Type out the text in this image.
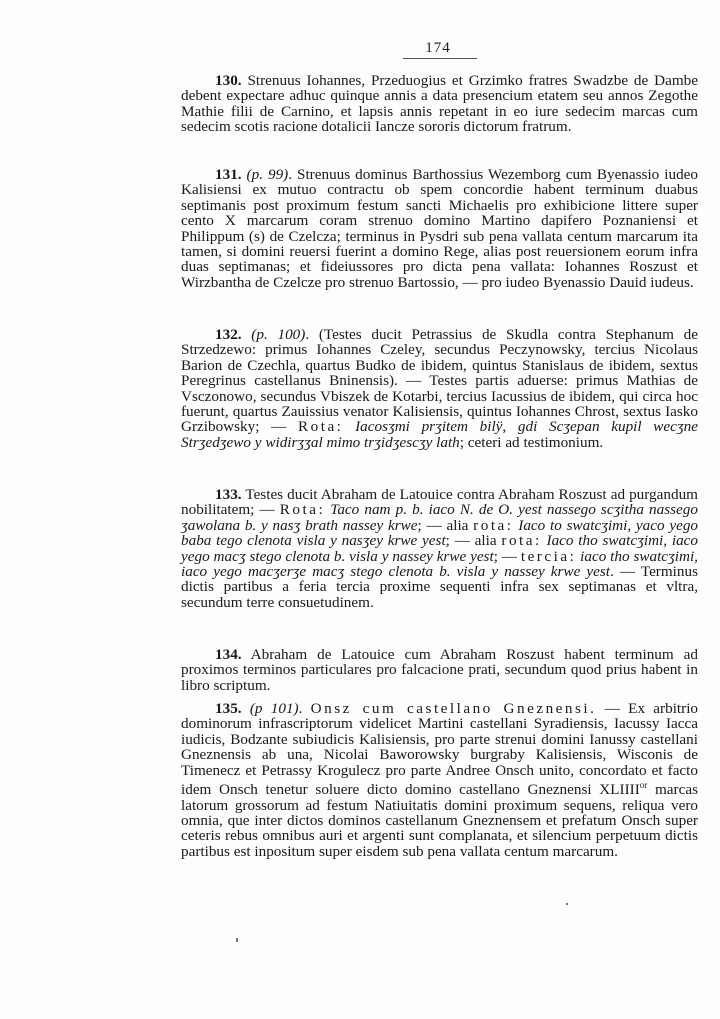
174

130. Strenuus Iohannes, Przeduogius et Grzimko fratres Swadzbe de Dambe debent expectare adhuc quinque annis a data presencium etatem seu annos Zegothe Mathie filii de Carnino, et lapsis annis repetant in eo iure sedecim marcas cum sedecim scotis racione dotalicii Iancze sororis dictorum fratrum.

131. (p. 99). Strenuus dominus Barthossius Wezemborg cum Byenassio iudeo Kalisiensi ex mutuo contractu ob spem concordie habent terminum duabus septimanis post proximum festum sancti Michaelis pro exhibicione littere super cento X marcarum coram strenuo domino Martino dapifero Poznaniensi et Philippum (s) de Czelcza; terminus in Pysdri sub pena vallata centum marcarum ita tamen, si domini reuersi fuerint a domino Rege, alias post reuersionem eorum infra duas septimanas; et fideiussores pro dicta pena vallata: Iohannes Roszust et Wirzbantha de Czelcze pro strenuo Bartossio, — pro iudeo Byenassio Dauid iudeus.

132. (p. 100). (Testes ducit Petrassius de Skudla contra Stephanum de Strzedzewo: primus Iohannes Czeley, secundus Peczynowsky, tercius Nicolaus Barion de Czechla, quartus Budko de ibidem, quintus Stanislaus de ibidem, sextus Peregrinus castellanus Bninensis). — Testes partis aduerse: primus Mathias de Vsczonowo, secundus Vbiszek de Kotarbi, tercius Iacussius de ibidem, qui circa hoc fuerunt, quartus Zauissius venator Kalisiensis, quintus Iohannes Chrost, sextus Iasko Grzibowsky; — Rota: Iacosʒmi prʒitem bilÿ, gdi Scʒepan kupil wecʒne Strʒedʒewo y widirʒʒal mimo trʒidʒescʒy lath; ceteri ad testimonium.

133. Testes ducit Abraham de Latouice contra Abraham Roszust ad purgandum nobilitatem; — Rota: Taco nam p. b. iaco N. de O. yest nassego scʒitha nassego ʒawolana b. y nasʒ brath nassey krwe; — alia rota: Iaco to swatcʒimi, yaco yego baba tego clenota visla y nasʒey krwe yest; — alia rota: Iaco tho swatcʒimi, iaco yego macʒ stego clenota b. visla y nassey krwe yest; — tercia: iaco tho swatcʒimi, iaco yego macʒerʒe macʒ stego clenota b. visla y nassey krwe yest. — Terminus dictis partibus a feria tercia proxime sequenti infra sex septimanas et vltra, secundum terre consuetudinem.

134. Abraham de Latouice cum Abraham Roszust habent terminum ad proximos terminos particulares pro falcacione prati, secundum quod prius habent in libro scriptum.

135. (p 101). Onsz cum castellano Gneznensi. — Ex arbitrio dominorum infrascriptorum videlicet Martini castellani Syradiensis, Iacussy Iacca iudicis, Bodzante subiudicis Kalisiensis, pro parte strenui domini Ianussy castellani Gneznensis ab una, Nicolai Baworowsky burgraby Kalisiensis, Wisconis de Timenecz et Petrassy Krogulecz pro parte Andree Onsch unito, concordato et facto idem Onsch tenetur soluere dicto domino castellano Gneznensi $XLIIII^{or}$ marcas latorum grossorum ad festum Natiuitatis domini proximum sequens, reliqua vero omnia, que inter dictos dominos castellanum Gneznensem et prefatum Onsch super ceteris rebus omnibus auri et argenti sunt complanata, et silencium perpetuum dictis partibus est inpositum super eisdem sub pena vallata centum marcarum.
